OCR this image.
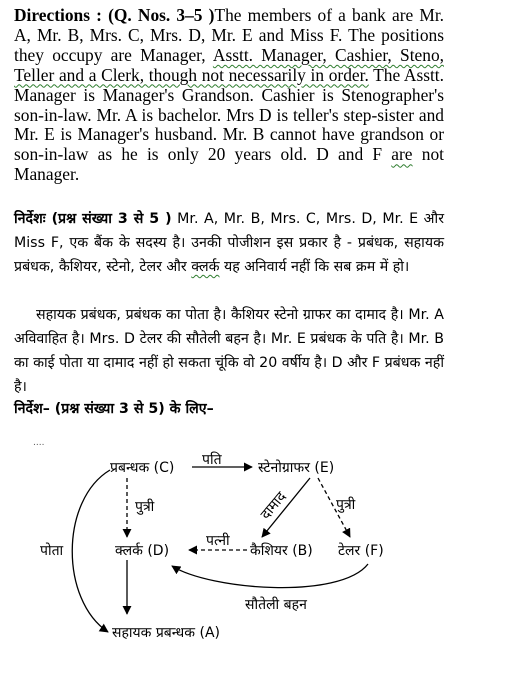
Directions : (Q. Nos. 3–5 )The members of a bank are Mr. A, Mr. B, Mrs. C, Mrs. D, Mr. E and Miss F. The positions they occupy are Manager, Asstt. Manager, Cashier, Steno, Teller and a Clerk, though not necessarily in order. The Asstt. Manager is Manager's Grandson. Cashier is Stenographer's son-in-law. Mr. A is bachelor. Mrs D is teller's step-sister and Mr. E is Manager's husband. Mr. B cannot have grandson or son-in-law as he is only 20 years old. D and F are not Manager.
निर्देशः (प्रश्न संख्या 3 से 5 ) Mr. A, Mr. B, Mrs. C, Mrs. D, Mr. E और Miss F, एक बैंक के सदस्य है। उनकी पोजीशन इस प्रकार है - प्रबंधक, सहायक प्रबंधक, कैशियर, स्टेनो, टेलर और क्लर्क यह अनिवार्य नहीं कि सब क्रम में हो।
सहायक प्रबंधक, प्रबंधक का पोता है। कैशियर स्टेनो ग्राफर का दामाद है। Mr. A अविवाहित है। Mrs. D टेलर की सौतेली बहन है। Mr. E प्रबंधक के पति है। Mr. B का काई पोता या दामाद नहीं हो सकता चूंकि वो 20 वर्षीय है। D और F प्रबंधक नहीं है।
निर्देश– (प्रश्न संख्या 3 से 5) के लिए–
....
प्रबन्धक (C)	स्टेनोग्राफर (E)
क्लर्क (D)	कैशियर (B) टेलर (F)
सहायक प्रबन्धक (A)
पति
पुत्री	पुत्री
दामाद
पत्नी
सौतेली बहन
पोता
